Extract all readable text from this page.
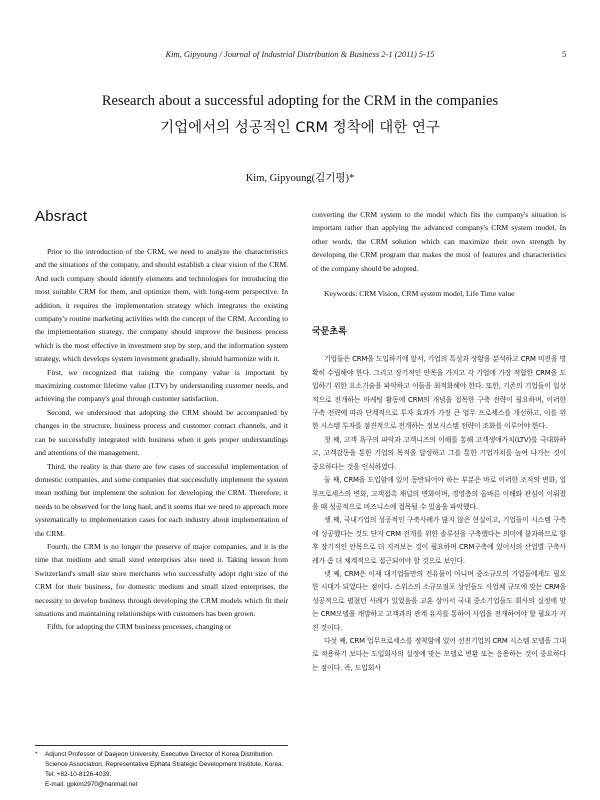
Kim, Gipyoung / Journal of Industrial Distribution & Business 2-1 (2011) 5-15	5
Research about a successful adopting for the CRM in the companies
기업에서의 성공적인 CRM 정착에 대한 연구
Kim, Gipyoung(김기평)*
Absract

Prior to the introduction of the CRM, we need to analyze the characteristics and the situations of the company, and should establish a clear vision of the CRM. And each company should identify elements and technologies for introducing the most suitable CRM for them, and optimize them, with long-term perspective. In addition, it requires the implementation strategy which integrates the existing company's routine marketing activities with the concept of the CRM. According to the implementation strategy, the company should improve the business process which is the most effective in investment step by step, and the information system strategy, which develops system investment gradually, should harmonize with it.

First, we recognized that raising the company value is important by maximizing customer lifetime value (LTV) by understanding customer needs, and achieving the company's goal through customer satisfaction.

Second, we understood that adopting the CRM should be accompanied by changes in the structure, business process and customer contact channels, and it can be successfully integrated with business when it gets proper understandings and attentions of the management.

Third, the reality is that there are few cases of successful implementation of domestic companies, and some companies that successfully implement the system mean nothing but implement the solution for developing the CRM. Therefore, it needs to be observed for the long haul, and it seems that we need to approach more systematically to implementation cases for each industry about implementation of the CRM.

Fourth, the CRM is no longer the preserve of major companies, and it is the time that medium and small sized enterprises also need it. Taking lesson from Switzerland's small size store merchants who successfully adopt right size of the CRM for their business, for domestic medium and small sized enterprises, the necessity to develop business through developing the CRM models which fit their situations and maintaining relationships with customers has been grown.

Fifth, for adopting the CRM business processes, changing or

converting the CRM system to the model which fits the company's situation is important rather than applying the advanced company's CRM system model. In other words, the CRM solution which can maximize their own strength by developing the CRM program that makes the most of features and characteristics of the company should be adopted.

Keywords: CRM Vision, CRM system model, Life Time value

국문초록

기업들은 CRM을 도입하기에 앞서, 기업의 특성과 상황을 분석하고 CRM 비전을 명확히 수립해야 한다. 그리고 장기적인 안목을 가지고 각 기업에 가장 적합한 CRM을 도입하기 위한 요소기술을 파악하고 이들을 최적화해야 한다. 또한, 기존의 기업들이 일상적으로 전개하는 마케팅 활동에 CRM의 개념을 접목한 구축 전략이 필요하며, 이러한 구축 전략에 따라 단계적으로 투자 효과가 가장 큰 업무 프로세스를 개선하고, 이를 위한 시스템 투자를 점진적으로 전개하는 정보시스템 전략이 조화를 이루어야 한다.

첫 째, 고객 욕구의 파악과 고객니즈의 이해를 통해 고객생애가치(LTV)를 극대화하고, 고객감동을 통한 기업의 목적을 달성하고 그를 통한 기업가치를 높여 나가는 것이 중요하다는 것을 인식하였다.

둘 째, CRM을 도입함에 있어 동반되어야 하는 부분은 바로 이러한 조직의 변화, 업무프로세스의 변화, 고객접촉 채널의 변화이며, 경영층의 올바른 이해와 관심이 이뤄졌을 때 성공적으로 비즈니스에 접목될 수 있음을 파악했다.

셋 째, 국내기업의 성공적인 구축사례가 많지 않은 현실이고, 기업들이 시스템 구축에 성공했다는 것도 단지 CRM 전개를 위한 솔루션을 구축했다는 의미에 불과하므로 향후 장기적인 안목으로 더 지켜보는 것이 필요하며 CRM구축에 있어서의 산업별 구축사례가 좀 더 체계적으로 접근되어야 할 것으로 보인다.

넷 째, CRM은 이제 대기업들만의 전유물이 아니며 중소규모의 기업들에게도 필요한 시대가 되었다는 점이다. 스위스의 소규모점포 상인들도 사업체 규모에 맞는 CRM을 성공적으로 펼쳤던 사례가 있었음을 교훈 삼아서 국내 중소기업들도 회사의 실정에 맞는 CRM모델을 개발하고 고객과의 관계 유지를 통하여 사업을 전개하여야 할 필요가 커진 것이다.

다섯 째, CRM 업무프로세스를 정착함에 있어 선진기업의 CRM 시스템 모델을 그대로 적용하기 보다는 도입회사의 실정에 맞는 모델로 변환 또는 응용하는 것이 중요하다는 점이다. 즉, 도입회사

* Adjunct Professor of Daejeon University, Executive Director of Korea Distribution Science Association, Representative Ephata Strategic Development Institute, Korea. Tel: +82-10-8126-4039.
E-mail: gpkim2970@hanmail.net
